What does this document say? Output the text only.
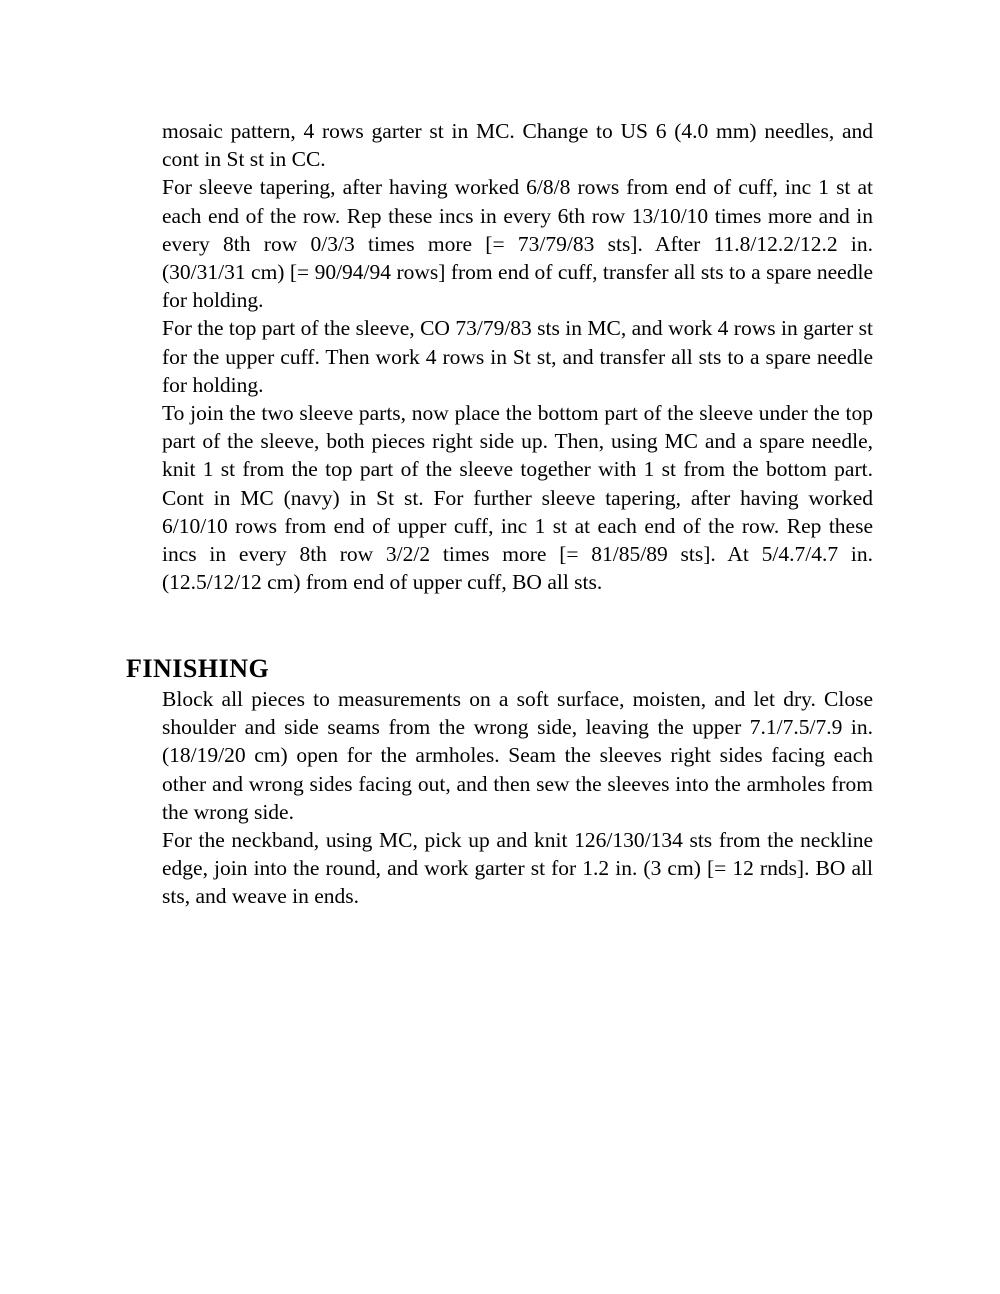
mosaic pattern, 4 rows garter st in MC. Change to US 6 (4.0 mm) needles, and cont in St st in CC.

For sleeve tapering, after having worked 6/8/8 rows from end of cuff, inc 1 st at each end of the row. Rep these incs in every 6th row 13/10/10 times more and in every 8th row 0/3/3 times more [= 73/79/83 sts]. After 11.8/12.2/12.2 in. (30/31/31 cm) [= 90/94/94 rows] from end of cuff, transfer all sts to a spare needle for holding.

For the top part of the sleeve, CO 73/79/83 sts in MC, and work 4 rows in garter st for the upper cuff. Then work 4 rows in St st, and transfer all sts to a spare needle for holding.

To join the two sleeve parts, now place the bottom part of the sleeve under the top part of the sleeve, both pieces right side up. Then, using MC and a spare needle, knit 1 st from the top part of the sleeve together with 1 st from the bottom part. Cont in MC (navy) in St st. For further sleeve tapering, after having worked 6/10/10 rows from end of upper cuff, inc 1 st at each end of the row. Rep these incs in every 8th row 3/2/2 times more [= 81/85/89 sts]. At 5/4.7/4.7 in. (12.5/12/12 cm) from end of upper cuff, BO all sts.

FINISHING

Block all pieces to measurements on a soft surface, moisten, and let dry. Close shoulder and side seams from the wrong side, leaving the upper 7.1/7.5/7.9 in. (18/19/20 cm) open for the armholes. Seam the sleeves right sides facing each other and wrong sides facing out, and then sew the sleeves into the armholes from the wrong side.

For the neckband, using MC, pick up and knit 126/130/134 sts from the neckline edge, join into the round, and work garter st for 1.2 in. (3 cm) [= 12 rnds]. BO all sts, and weave in ends.
